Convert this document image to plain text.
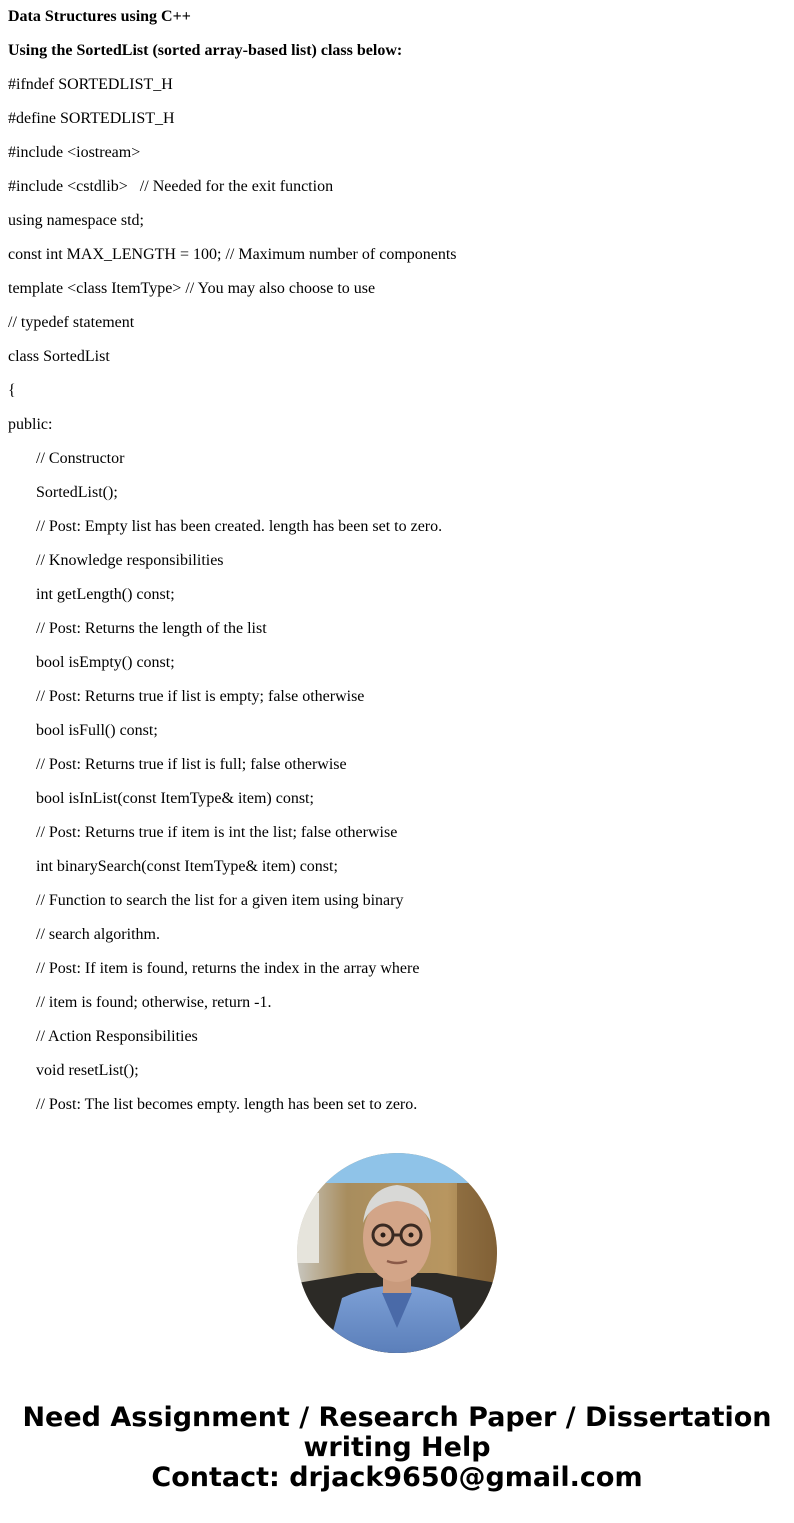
Data Structures using C++
Using the SortedList (sorted array-based list) class below:
#ifndef SORTEDLIST_H
#define SORTEDLIST_H
#include <iostream>
#include <cstdlib>   // Needed for the exit function
using namespace std;
const int MAX_LENGTH = 100; // Maximum number of components
template <class ItemType> // You may also choose to use
// typedef statement
class SortedList
{
public:
// Constructor
SortedList();
// Post: Empty list has been created. length has been set to zero.
// Knowledge responsibilities
int getLength() const;
// Post: Returns the length of the list
bool isEmpty() const;
// Post: Returns true if list is empty; false otherwise
bool isFull() const;
// Post: Returns true if list is full; false otherwise
bool isInList(const ItemType& item) const;
// Post: Returns true if item is int the list; false otherwise
int binarySearch(const ItemType& item) const;
// Function to search the list for a given item using binary
// search algorithm.
// Post: If item is found, returns the index in the array where
// item is found; otherwise, return -1.
// Action Responsibilities
void resetList();
// Post: The list becomes empty. length has been set to zero.
Need Assignment / Research Paper / Dissertation
writing Help
Contact: drjack9650@gmail.com
